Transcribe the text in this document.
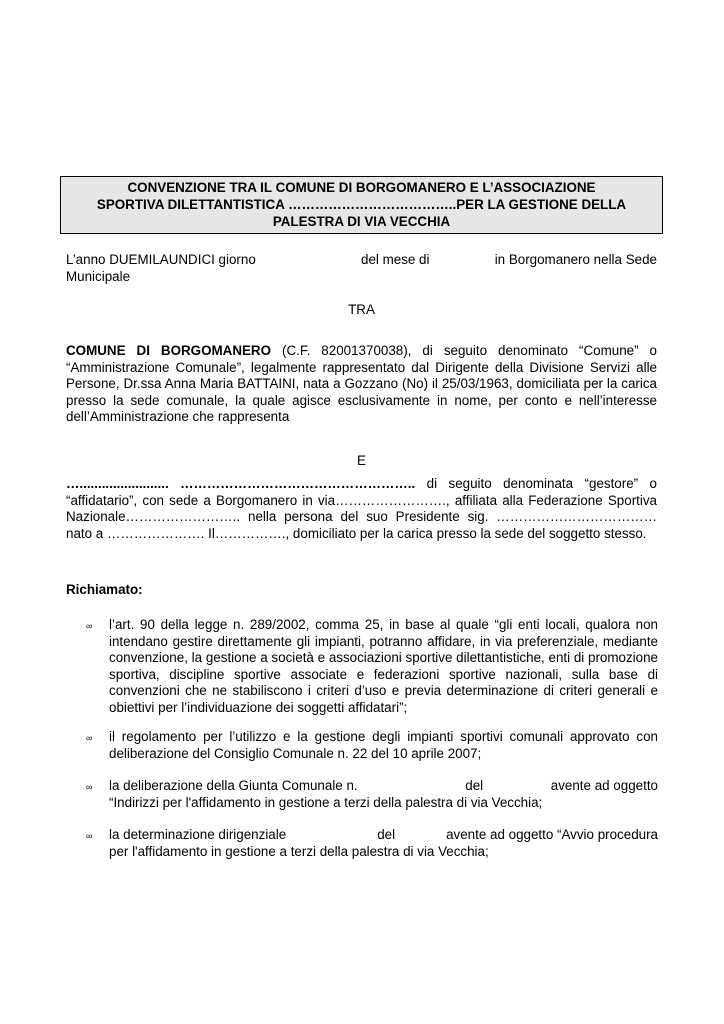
CONVENZIONE TRA IL COMUNE DI BORGOMANERO E L’ASSOCIAZIONE
SPORTIVA DILETTANTISTICA ………………………………..PER LA GESTIONE DELLA
PALESTRA DI VIA VECCHIA
L’anno DUEMILAUNDICI giorno	del mese di	in Borgomanero nella Sede
Municipale
TRA
COMUNE DI BORGOMANERO (C.F. 82001370038), di seguito denominato “Comune” o “Amministrazione Comunale”, legalmente rappresentato dal Dirigente della Divisione Servizi alle Persone, Dr.ssa Anna Maria BATTAINI, nata a Gozzano (No) il 25/03/1963, domiciliata per la carica presso la sede comunale, la quale agisce esclusivamente in nome, per conto e nell’interesse dell’Amministrazione che rappresenta
E
…........................ …………………………………………….. di seguito denominata “gestore” o “affidatario”, con sede a Borgomanero in via……………………., affiliata alla Federazione Sportiva Nazionale…………………….. nella persona del suo Presidente sig. ……………………………… nato a …………………. Il……………., domiciliato per la carica presso la sede del soggetto stesso.
Richiamato:
∞	l’art. 90 della legge n. 289/2002, comma 25, in base al quale “gli enti locali, qualora non intendano gestire direttamente gli impianti, potranno affidare, in via preferenziale, mediante convenzione, la gestione a società e associazioni sportive dilettantistiche, enti di promozione sportiva, discipline sportive associate e federazioni sportive nazionali, sulla base di convenzioni che ne stabiliscono i criteri d’uso e previa determinazione di criteri generali e obiettivi per l’individuazione dei soggetti affidatari”;
∞	il regolamento per l’utilizzo e la gestione degli impianti sportivi comunali approvato con deliberazione del Consiglio Comunale n. 22 del 10 aprile 2007;
∞	la deliberazione della Giunta Comunale n.	del	avente ad oggetto
“Indirizzi per l'affidamento in gestione a terzi della palestra di via Vecchia;
∞	la determinazione dirigenziale	del	avente ad oggetto “Avvio procedura
per l'affidamento in gestione a terzi della palestra di via Vecchia;
